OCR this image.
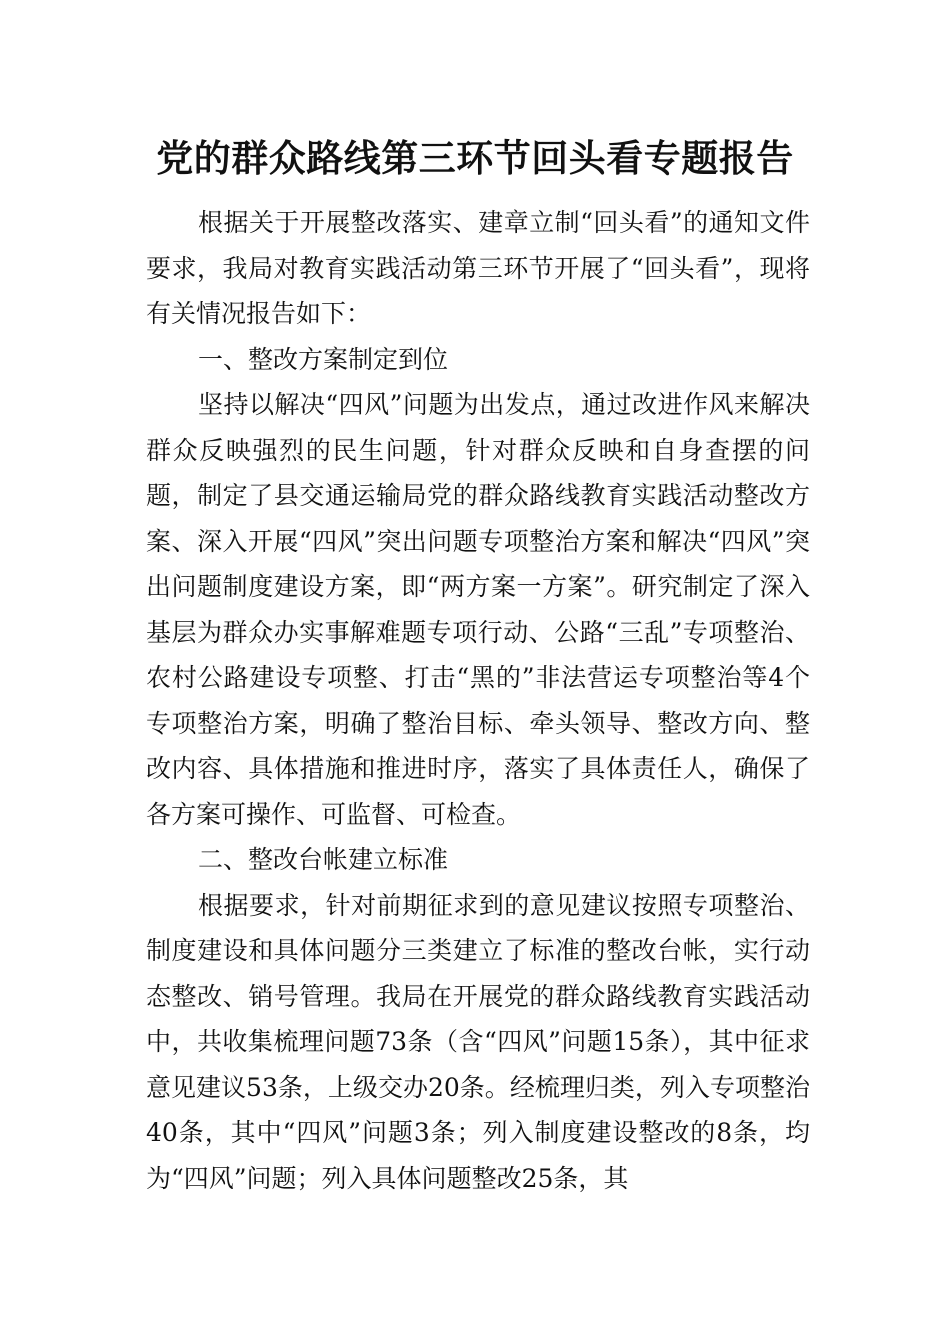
党的群众路线第三环节回头看专题报告

根据关于开展整改落实、建章立制“回头看”的通知文件要求，我局对教育实践活动第三环节开展了“回头看”，现将有关情况报告如下：

一、整改方案制定到位

坚持以解决“四风”问题为出发点，通过改进作风来解决群众反映强烈的民生问题，针对群众反映和自身查摆的问题，制定了县交通运输局党的群众路线教育实践活动整改方案、深入开展“四风”突出问题专项整治方案和解决“四风”突出问题制度建设方案，即“两方案一方案”。研究制定了深入基层为群众办实事解难题专项行动、公路“三乱”专项整治、农村公路建设专项整、打击“黑的”非法营运专项整治等4个专项整治方案，明确了整治目标、牵头领导、整改方向、整改内容、具体措施和推进时序，落实了具体责任人，确保了各方案可操作、可监督、可检查。

二、整改台帐建立标准

根据要求，针对前期征求到的意见建议按照专项整治、制度建设和具体问题分三类建立了标准的整改台帐，实行动态整改、销号管理。我局在开展党的群众路线教育实践活动中，共收集梳理问题73条（含“四风”问题15条），其中征求意见建议53条，上级交办20条。经梳理归类，列入专项整治40条，其中“四风”问题3条；列入制度建设整改的8条，均为“四风”问题；列入具体问题整改25条，其
